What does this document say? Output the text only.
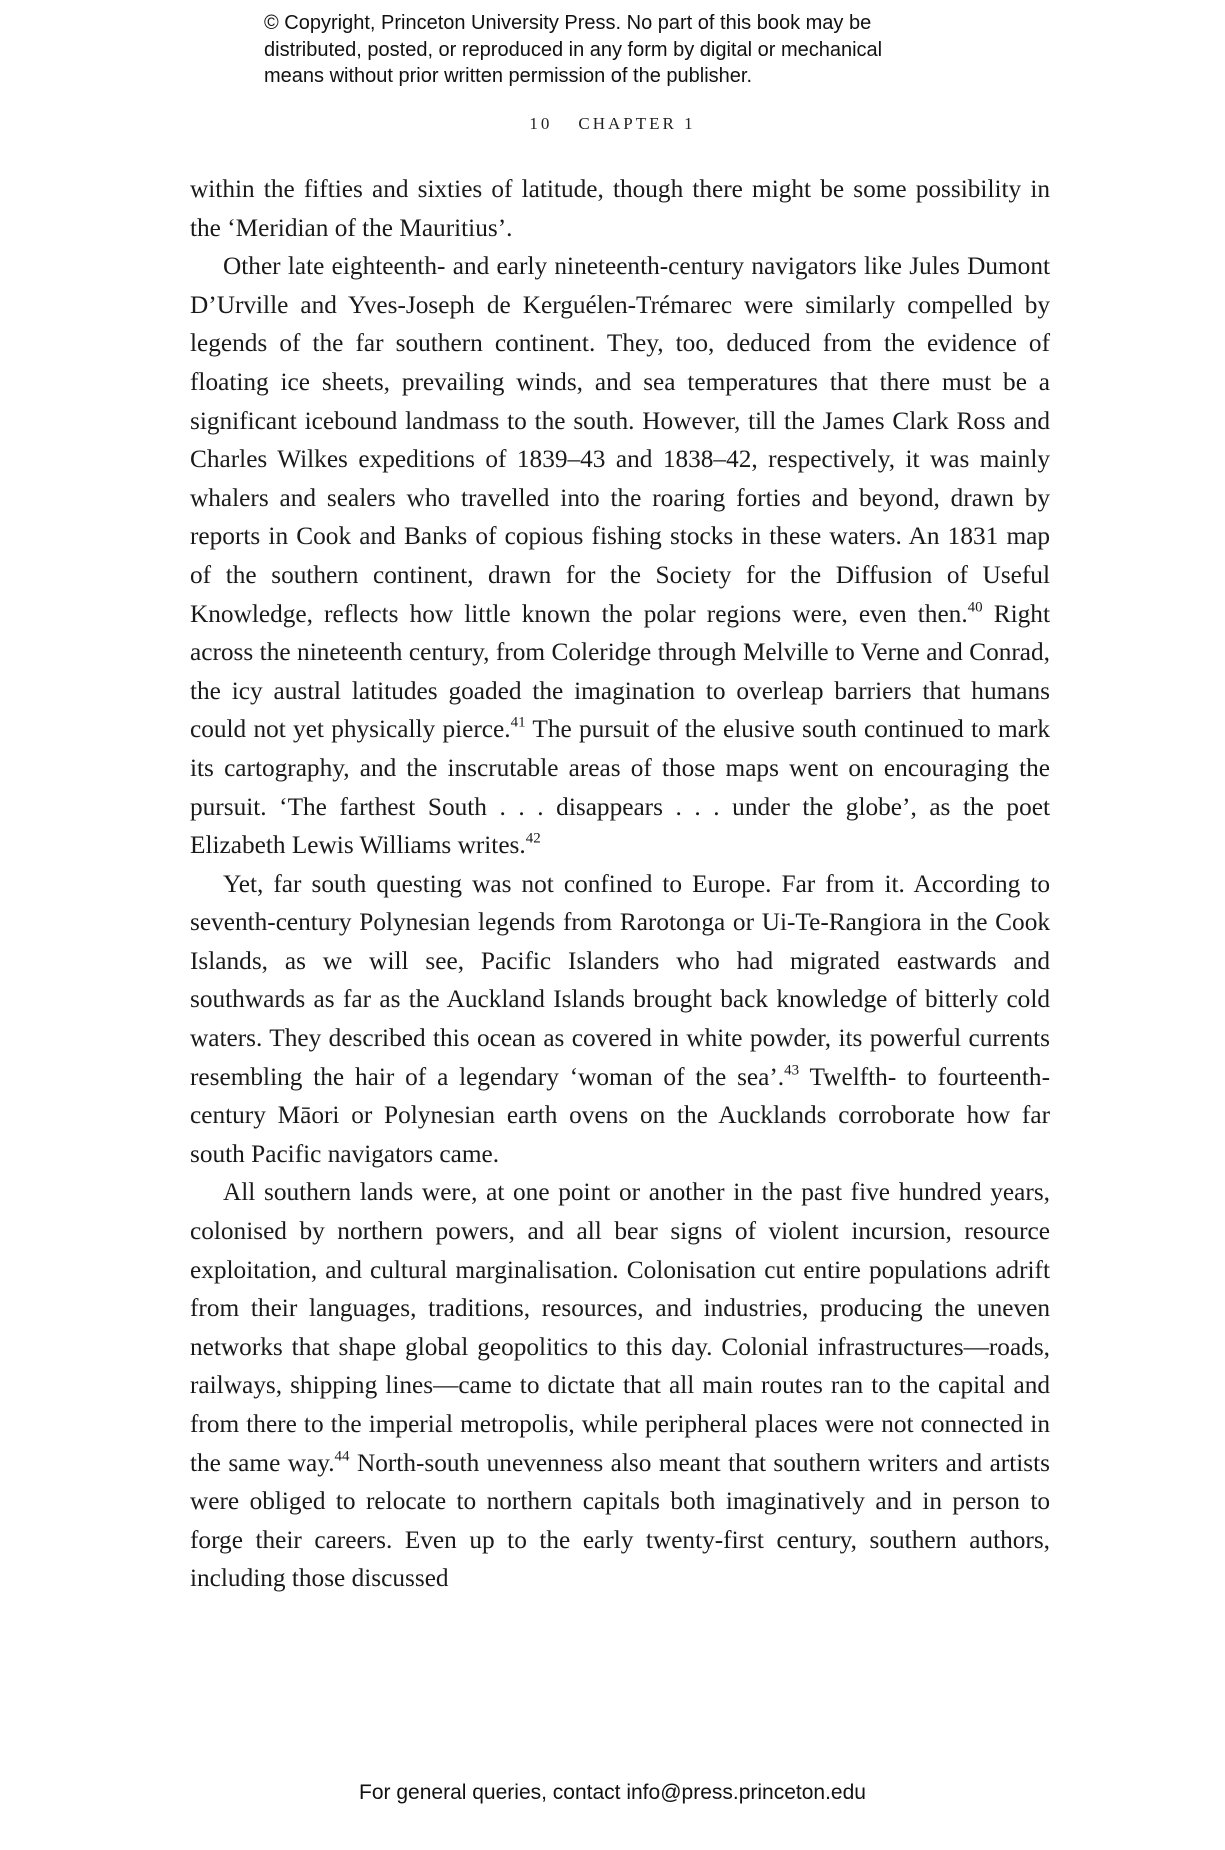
© Copyright, Princeton University Press. No part of this book may be
distributed, posted, or reproduced in any form by digital or mechanical
means without prior written permission of the publisher.
10 CHAPTER 1

within the fifties and sixties of latitude, though there might be some possibility in the ‘Meridian of the Mauritius’.

Other late eighteenth- and early nineteenth-century navigators like Jules Dumont D’Urville and Yves-Joseph de Kerguélen-Trémarec were similarly compelled by legends of the far southern continent. They, too, deduced from the evidence of floating ice sheets, prevailing winds, and sea temperatures that there must be a significant icebound landmass to the south. However, till the James Clark Ross and Charles Wilkes expeditions of 1839–43 and 1838–42, respectively, it was mainly whalers and sealers who travelled into the roaring forties and beyond, drawn by reports in Cook and Banks of copious fishing stocks in these waters. An 1831 map of the southern continent, drawn for the Society for the Diffusion of Useful Knowledge, reflects how little known the polar regions were, even then.$^{40}$ Right across the nineteenth century, from Coleridge through Melville to Verne and Conrad, the icy austral latitudes goaded the imagination to overleap barriers that humans could not yet physically pierce.$^{41}$ The pursuit of the elusive south continued to mark its cartography, and the inscrutable areas of those maps went on encouraging the pursuit. ‘The farthest South . . . disappears . . . under the globe’, as the poet Elizabeth Lewis Williams writes.$^{42}$

Yet, far south questing was not confined to Europe. Far from it. According to seventh-century Polynesian legends from Rarotonga or Ui-Te-Rangiora in the Cook Islands, as we will see, Pacific Islanders who had migrated eastwards and southwards as far as the Auckland Islands brought back knowledge of bitterly cold waters. They described this ocean as covered in white powder, its powerful currents resembling the hair of a legendary ‘woman of the sea’.$^{43}$ Twelfth- to fourteenth-century Māori or Polynesian earth ovens on the Aucklands corroborate how far south Pacific navigators came.

All southern lands were, at one point or another in the past five hundred years, colonised by northern powers, and all bear signs of violent incursion, resource exploitation, and cultural marginalisation. Colonisation cut entire populations adrift from their languages, traditions, resources, and industries, producing the uneven networks that shape global geopolitics to this day. Colonial infrastructures—roads, railways, shipping lines—came to dictate that all main routes ran to the capital and from there to the imperial metropolis, while peripheral places were not connected in the same way.$^{44}$ North-south unevenness also meant that southern writers and artists were obliged to relocate to northern capitals both imaginatively and in person to forge their careers. Even up to the early twenty-first century, southern authors, including those discussed

For general queries, contact info@press.princeton.edu
